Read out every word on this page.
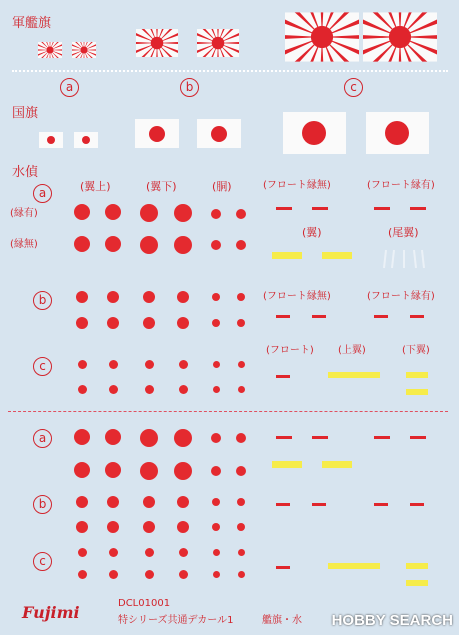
軍艦旗
国旗
水偵
a	b	c
a
(縁有)
(縁無)
(翼上)	(翼下)	(胴)	(フロート縁無)	(フロート縁有)
(翼)	(尾翼)
b	(フロート縁無)	(フロート縁有)
c
(フロート) (上翼)	(下翼)
a
b
c
Fujimi	DCL01001
特シリーズ共通デカール1	艦旗・水 HOBBY SEARCH
